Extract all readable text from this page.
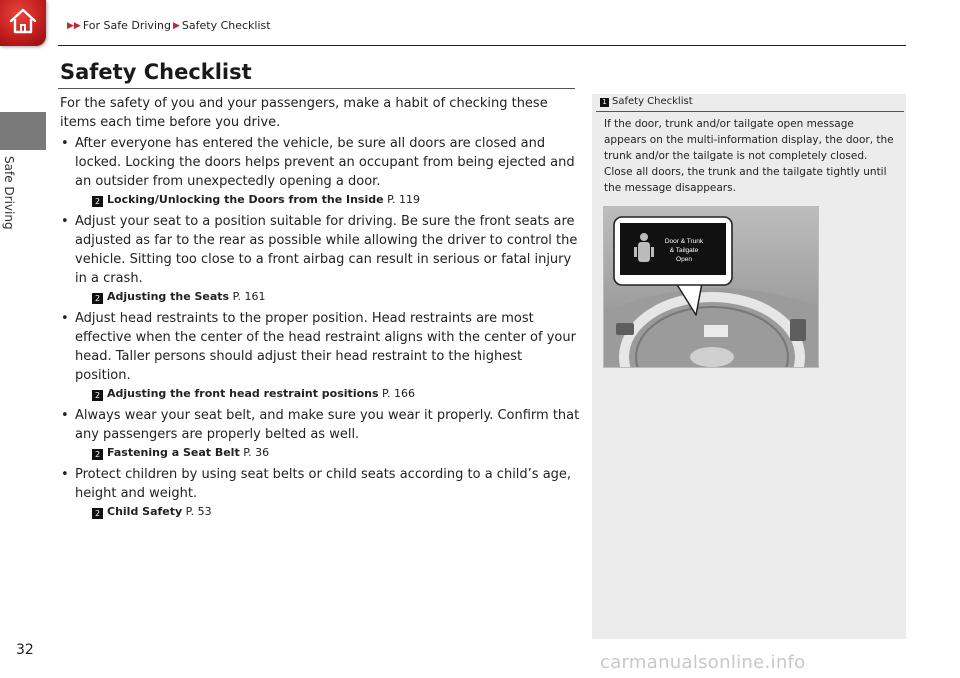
Safe Driving
▶▶ For Safe Driving ▶ Safety Checklist
Safety Checklist

For the safety of you and your passengers, make a habit of checking these items each time before you drive.

• After everyone has entered the vehicle, be sure all doors are closed and locked. Locking the doors helps prevent an occupant from being ejected and an outsider from unexpectedly opening a door.
2 Locking/Unlocking the Doors from the Inside P. 119
• Adjust your seat to a position suitable for driving. Be sure the front seats are adjusted as far to the rear as possible while allowing the driver to control the vehicle. Sitting too close to a front airbag can result in serious or fatal injury in a crash.
2 Adjusting the Seats P. 161
• Adjust head restraints to the proper position. Head restraints are most effective when the center of the head restraint aligns with the center of your head. Taller persons should adjust their head restraint to the highest position.
2 Adjusting the front head restraint positions P. 166
• Always wear your seat belt, and make sure you wear it properly. Confirm that any passengers are properly belted as well.
2 Fastening a Seat Belt P. 36
• Protect children by using seat belts or child seats according to a child’s age, height and weight.
2 Child Safety P. 53
1 Safety Checklist

If the door, trunk and/or tailgate open message appears on the multi-information display, the door, the trunk and/or the tailgate is not completely closed. Close all doors, the trunk and the tailgate tightly until the message disappears.

Door & Trunk
& Tailgate
Open
32
carmanualsonline.info
